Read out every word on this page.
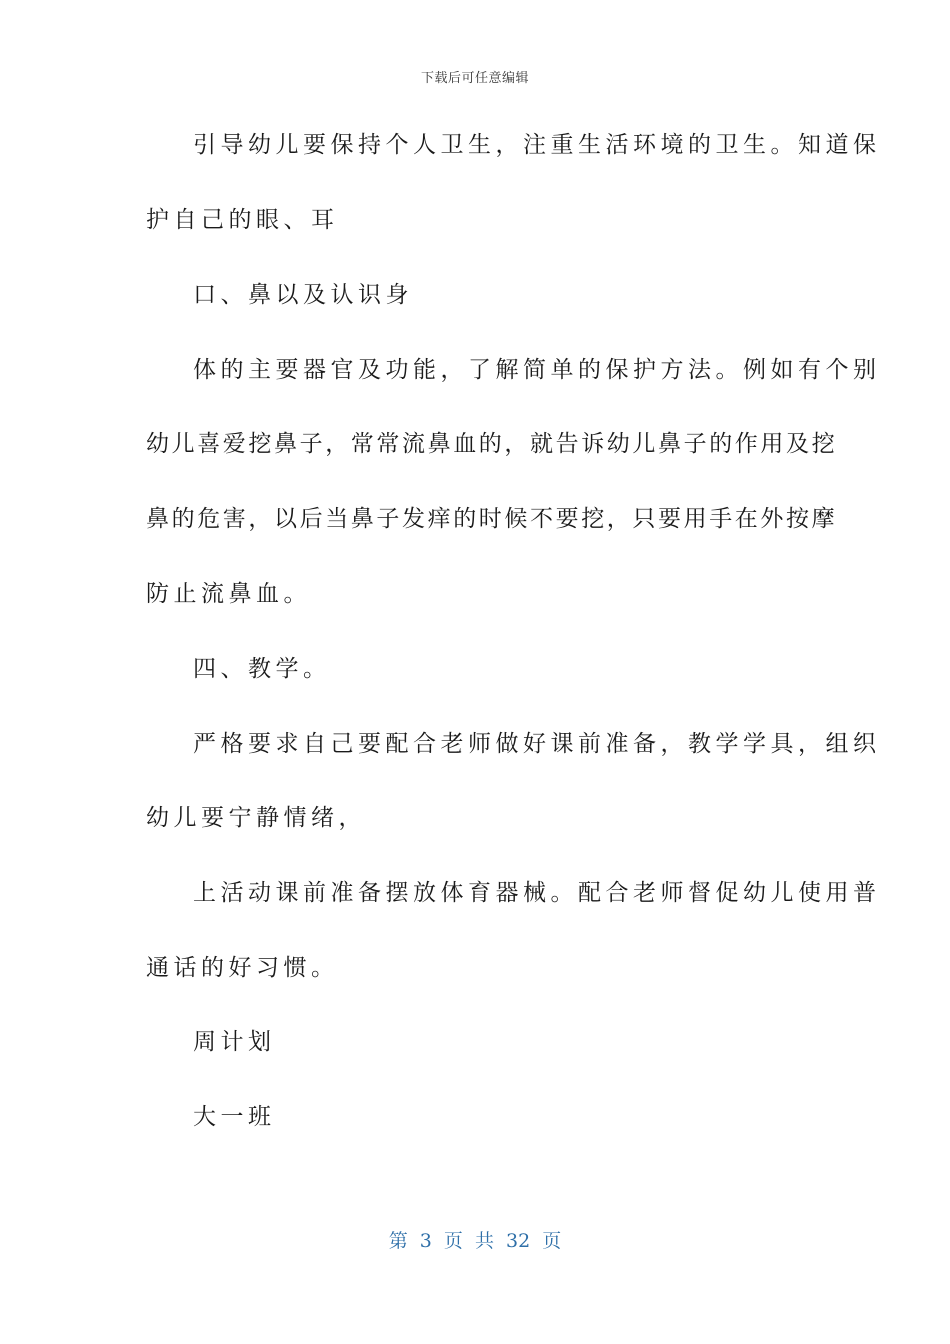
下载后可任意编辑
引导幼儿要保持个人卫生，注重生活环境的卫生。知道保
护自己的眼、耳
口、鼻以及认识身
体的主要器官及功能，了解简单的保护方法。例如有个别
幼儿喜爱挖鼻子，常常流鼻血的，就告诉幼儿鼻子的作用及挖
鼻的危害，以后当鼻子发痒的时候不要挖，只要用手在外按摩
防止流鼻血。
四、教学。
严格要求自己要配合老师做好课前准备，教学学具，组织
幼儿要宁静情绪，
上活动课前准备摆放体育器械。配合老师督促幼儿使用普
通话的好习惯。
周计划
大一班
第 3 页 共 32 页
